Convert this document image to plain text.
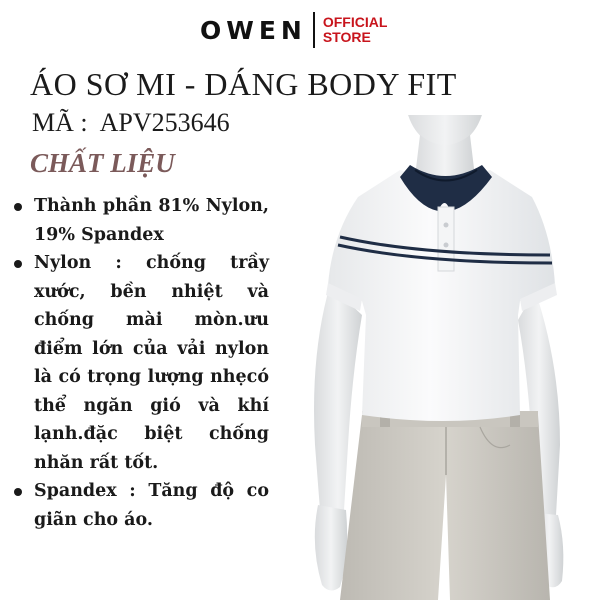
OWEN OFFICIAL
STORE
ÁO SƠ MI - DÁNG BODY FIT
MÃ : APV253646
CHẤT LIỆU
Thành phần 81% Nylon, 19% Spandex
Nylon : chống trầy xước, bền nhiệt và chống mài mòn.ưu điểm lớn của vải nylon là có trọng lượng nhẹcó thể ngăn gió và khí lạnh.đặc biệt chống nhăn rất tốt.
Spandex : Tăng độ co giãn cho áo.
